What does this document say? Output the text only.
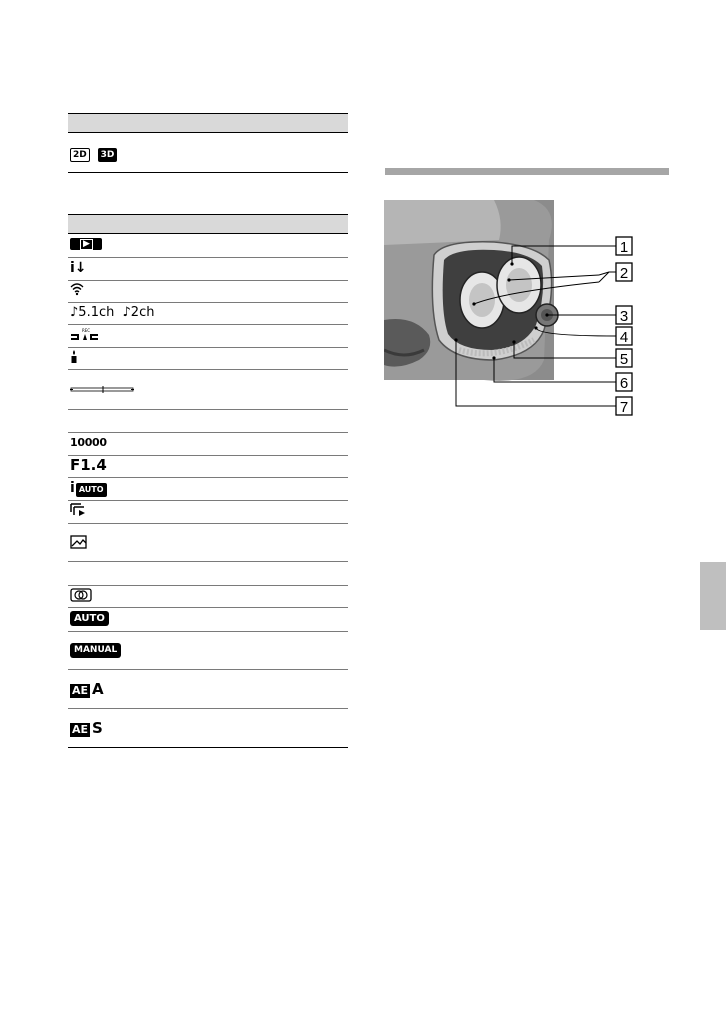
2D 3D
▶
i↓
♪5.1ch ♪2ch
REC
10000
F1.4
i AUTO
AUTO
MANUAL
AE A
AE S
1
2
3
4
5
6
7
